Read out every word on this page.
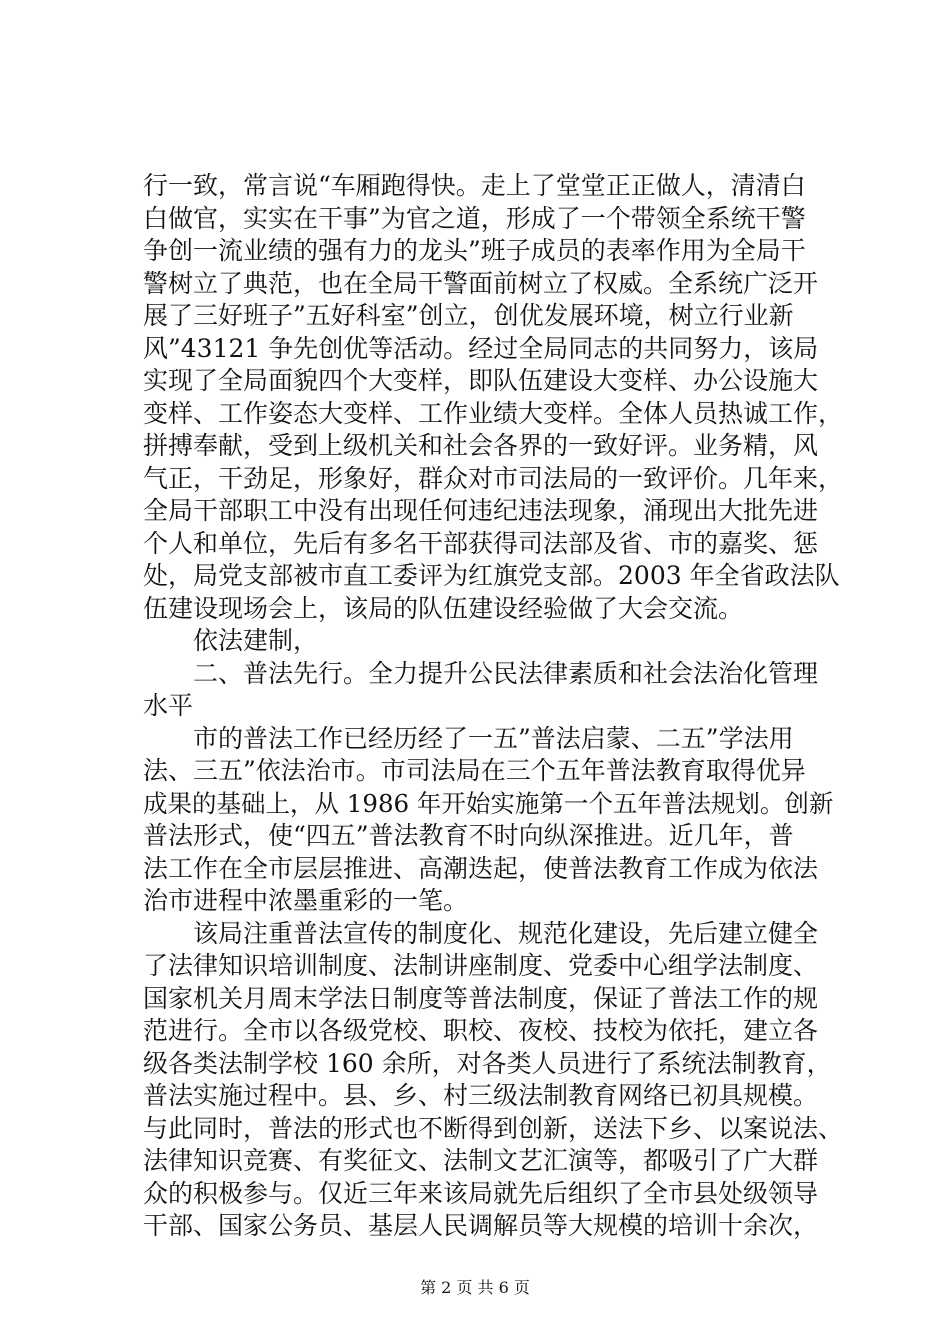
行一致，常言说“车厢跑得快。走上了堂堂正正做人，清清白
白做官，实实在干事”为官之道，形成了一个带领全系统干警
争创一流业绩的强有力的龙头”班子成员的表率作用为全局干
警树立了典范，也在全局干警面前树立了权威。全系统广泛开
展了三好班子”五好科室”创立，创优发展环境，树立行业新
风”43121 争先创优等活动。经过全局同志的共同努力，该局
实现了全局面貌四个大变样，即队伍建设大变样、办公设施大
变样、工作姿态大变样、工作业绩大变样。全体人员热诚工作，
拼搏奉献，受到上级机关和社会各界的一致好评。业务精，风
气正，干劲足，形象好，群众对市司法局的一致评价。几年来，
全局干部职工中没有出现任何违纪违法现象，涌现出大批先进
个人和单位，先后有多名干部获得司法部及省、市的嘉奖、惩
处，局党支部被市直工委评为红旗党支部。2003 年全省政法队
伍建设现场会上，该局的队伍建设经验做了大会交流。
依法建制，
二、普法先行。全力提升公民法律素质和社会法治化管理
水平
市的普法工作已经历经了一五”普法启蒙、二五”学法用
法、三五”依法治市。市司法局在三个五年普法教育取得优异
成果的基础上，从 1986 年开始实施第一个五年普法规划。创新
普法形式，使“四五”普法教育不时向纵深推进。近几年，普
法工作在全市层层推进、高潮迭起，使普法教育工作成为依法
治市进程中浓墨重彩的一笔。
该局注重普法宣传的制度化、规范化建设，先后建立健全
了法律知识培训制度、法制讲座制度、党委中心组学法制度、
国家机关月周末学法日制度等普法制度，保证了普法工作的规
范进行。全市以各级党校、职校、夜校、技校为依托，建立各
级各类法制学校 160 余所，对各类人员进行了系统法制教育，
普法实施过程中。县、乡、村三级法制教育网络已初具规模。
与此同时，普法的形式也不断得到创新，送法下乡、以案说法、
法律知识竞赛、有奖征文、法制文艺汇演等，都吸引了广大群
众的积极参与。仅近三年来该局就先后组织了全市县处级领导
干部、国家公务员、基层人民调解员等大规模的培训十余次，
第 2 页 共 6 页
